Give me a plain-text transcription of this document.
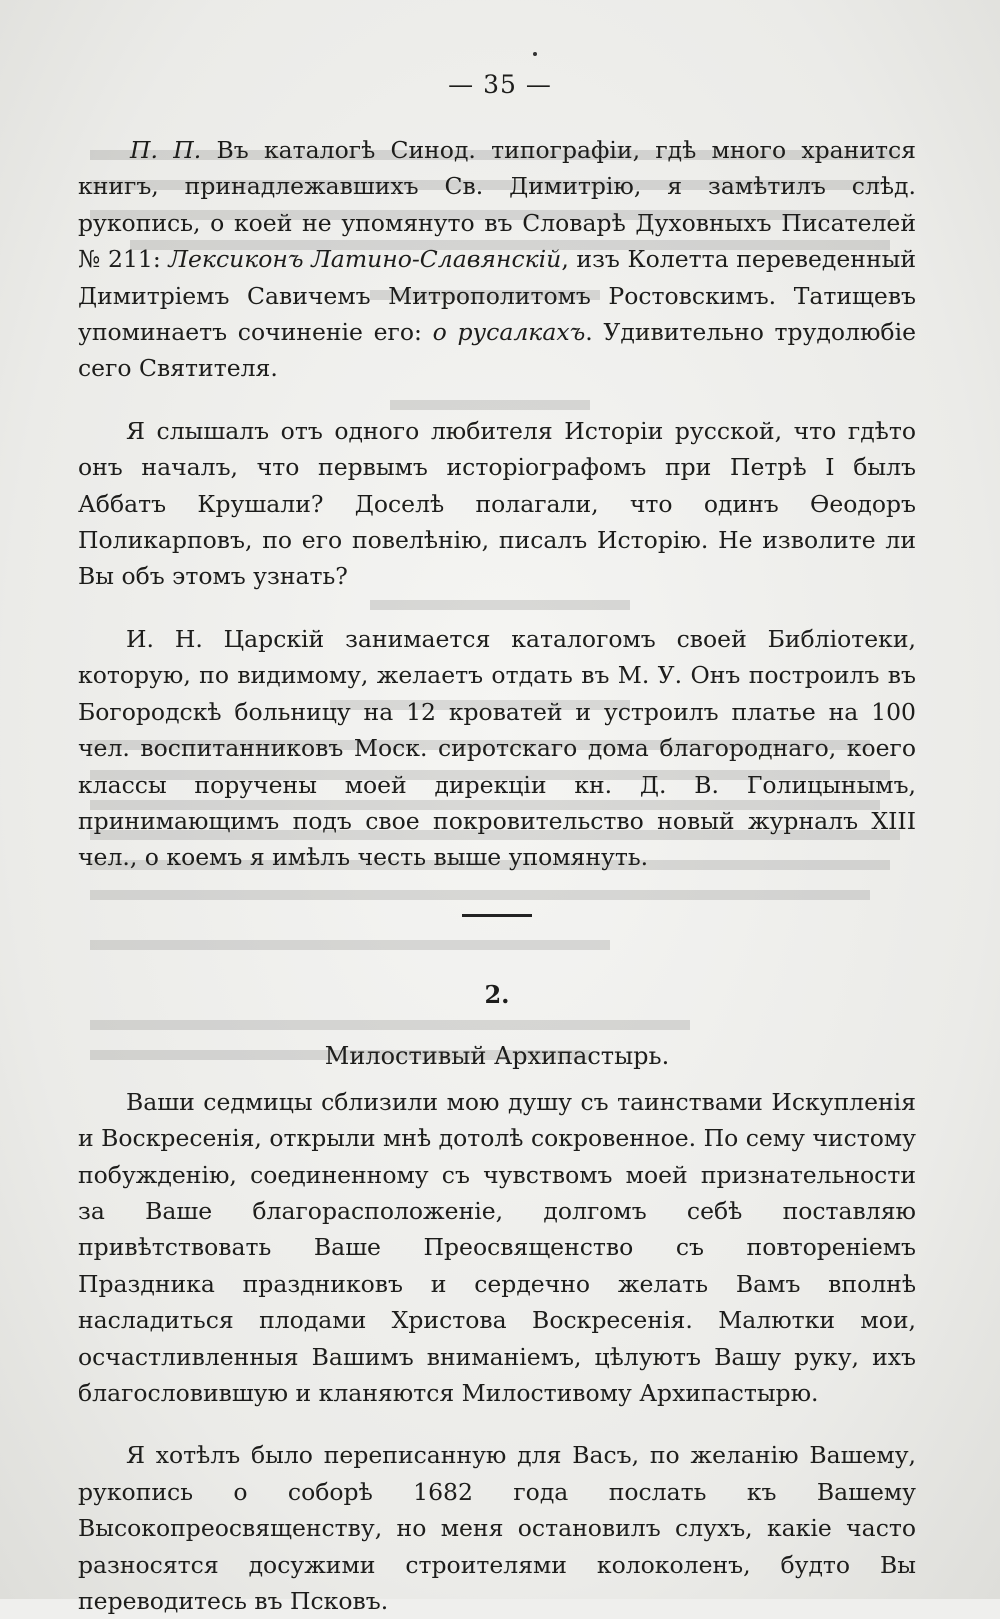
— 35 —

П. П. Въ каталогѣ Синод. типографіи, гдѣ много хранится книгъ, принадлежавшихъ Св. Димитрію, я замѣтилъ слѣд. рукопись, о коей не упомянуто въ Словарѣ Духовныхъ Писателей № 211: Лексиконъ Латино-Славянскій, изъ Колетта переведенный Димитріемъ Савичемъ Митрополитомъ Ростовскимъ. Татищевъ упоминаетъ сочиненіе его: о русалкахъ. Удивительно трудолюбіе сего Святителя.

Я слышалъ отъ одного любителя Исторіи русской, что гдѣто онъ началъ, что первымъ исторіографомъ при Петрѣ I былъ Аббатъ Крушали? Доселѣ полагали, что одинъ Ѳеодоръ Поликарповъ, по его повелѣнію, писалъ Исторію. Не изволите ли Вы объ этомъ узнать?

И. Н. Царскій занимается каталогомъ своей Библіотеки, которую, по видимому, желаетъ отдать въ М. У. Онъ построилъ въ Богородскѣ больницу на 12 кроватей и устроилъ платье на 100 чел. воспитанниковъ Моск. сиротскаго дома благороднаго, коего классы поручены моей дирекціи кн. Д. В. Голицынымъ, принимающимъ подъ свое покровительство новый журналъ XIII чел., о коемъ я имѣлъ честь выше упомянуть.

2.
Милостивый Архипастырь.

Ваши седмицы сблизили мою душу съ таинствами Искупленія и Воскресенія, открыли мнѣ дотолѣ сокровенное. По сему чистому побужденію, соединенному съ чувствомъ моей признательности за Ваше благорасположеніе, долгомъ себѣ поставляю привѣтствовать Ваше Преосвященство съ повтореніемъ Праздника праздниковъ и сердечно желать Вамъ вполнѣ насладиться плодами Христова Воскресенія. Малютки мои, осчастливленныя Вашимъ вниманіемъ, цѣлуютъ Вашу руку, ихъ благословившую и кланяются Милостивому Архипастырю.

Я хотѣлъ было переписанную для Васъ, по желанію Вашему, рукопись о соборѣ 1682 года послать къ Вашему Высокопреосвященству, но меня остановилъ слухъ, какіе часто разносятся досужими строителями колоколенъ, будто Вы переводитесь въ Псковъ.
